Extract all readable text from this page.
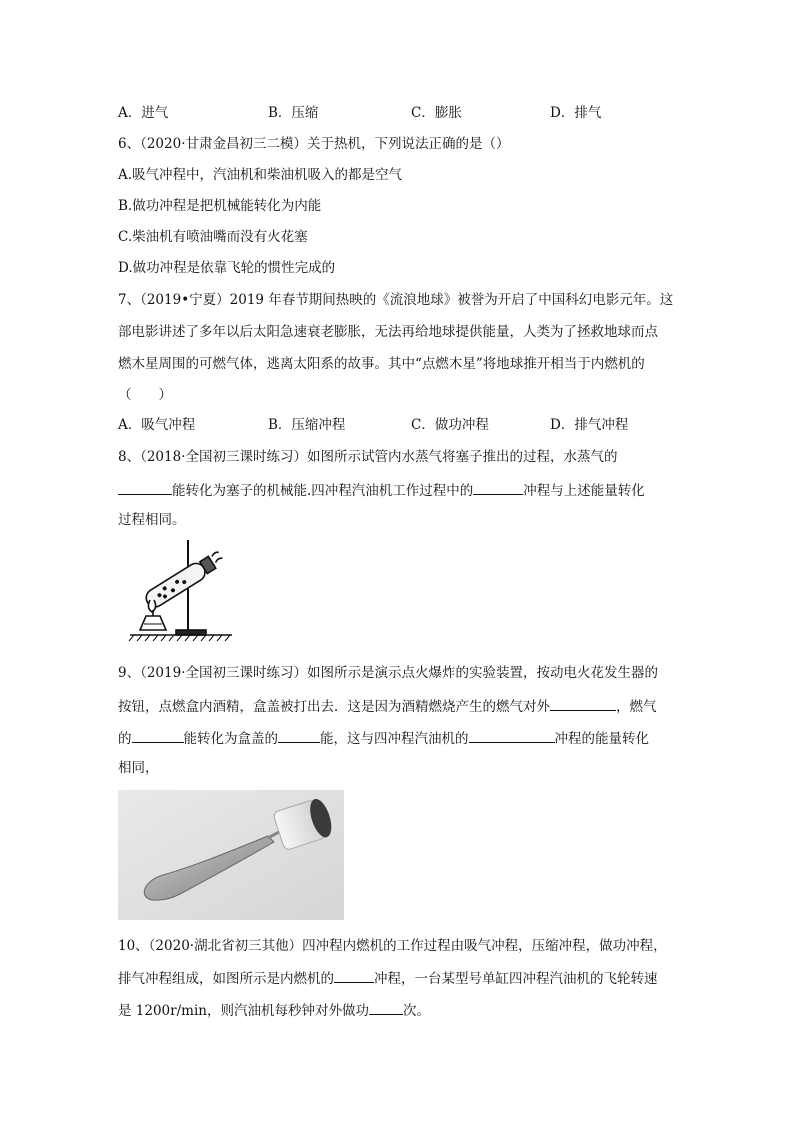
A．进气	B．压缩	C．膨胀	D．排气
6、（2020·甘肃金昌初三二模）关于热机，下列说法正确的是（）
A.吸气冲程中，汽油机和柴油机吸入的都是空气
B.做功冲程是把机械能转化为内能
C.柴油机有喷油嘴而没有火花塞
D.做功冲程是依靠飞轮的惯性完成的
7、（2019•宁夏）2019 年春节期间热映的《流浪地球》被誉为开启了中国科幻电影元年。这
部电影讲述了多年以后太阳急速衰老膨胀，无法再给地球提供能量，人类为了拯救地球而点
燃木星周围的可燃气体，逃离太阳系的故事。其中“点燃木星”将地球推开相当于内燃机的
（　　）
A．吸气冲程	B．压缩冲程	C．做功冲程	D．排气冲程
8、（2018·全国初三课时练习）如图所示试管内水蒸气将塞子推出的过程，水蒸气的
能转化为塞子的机械能.四冲程汽油机工作过程中的	冲程与上述能量转化
过程相同。
9、（2019·全国初三课时练习）如图所示是演示点火爆炸的实验装置，按动电火花发生器的
按钮，点燃盒内酒精，盒盖被打出去．这是因为酒精燃烧产生的燃气对外	，燃气
的	能转化为盒盖的	能，这与四冲程汽油机的	冲程的能量转化
相同，
10、（2020·湖北省初三其他）四冲程内燃机的工作过程由吸气冲程，压缩冲程，做功冲程，
排气冲程组成，如图所示是内燃机的	冲程，一台某型号单缸四冲程汽油机的飞轮转速
是 1200r/min，则汽油机每秒钟对外做功	次。
